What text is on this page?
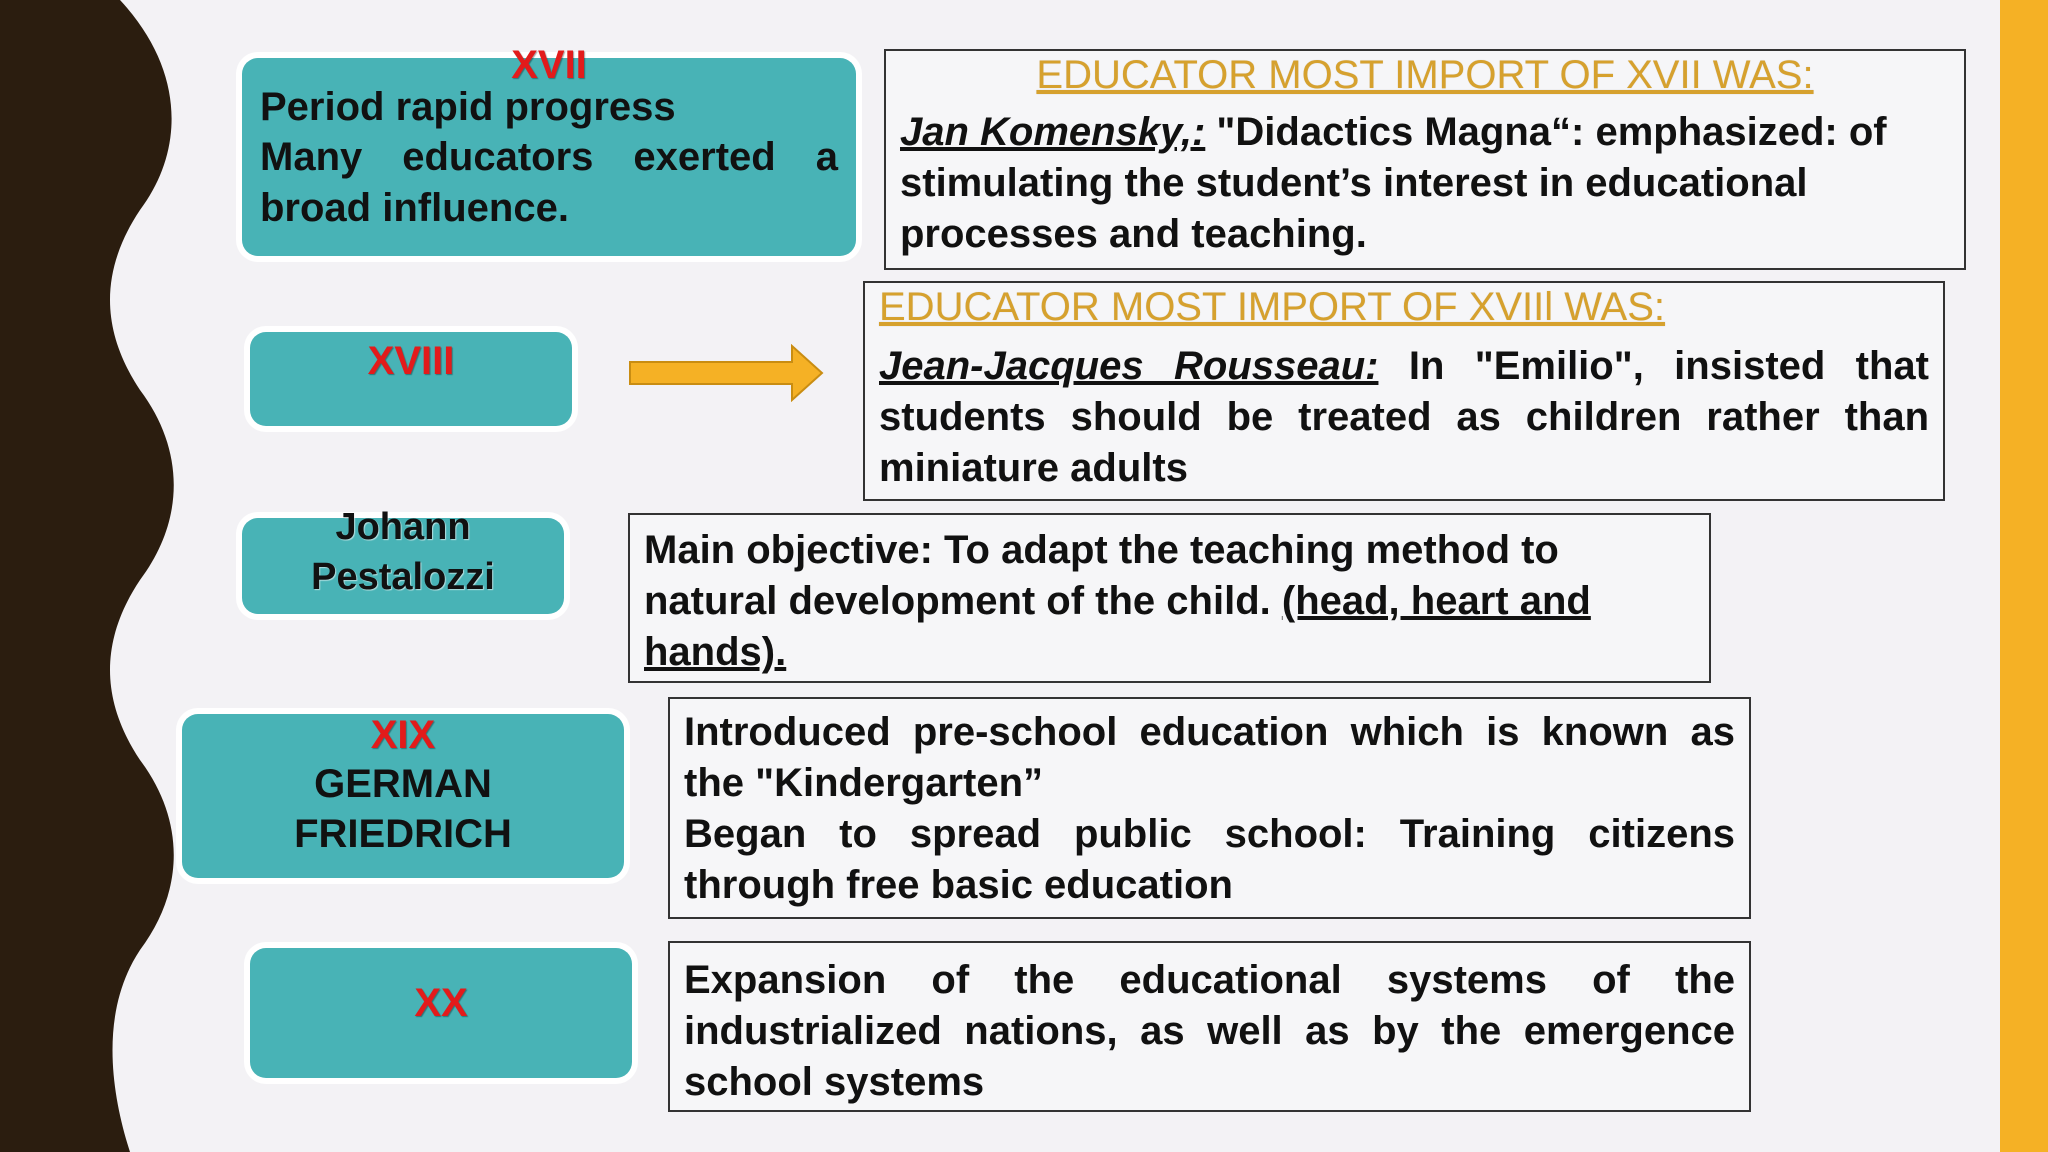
XVII
Period rapid progress
Many educators exerted a broad influence.
EDUCATOR MOST IMPORT OF XVII WAS:
Jan Komensky,: "Didactics Magna“: emphasized: of stimulating the student’s interest in educational processes and teaching.
XVIII
EDUCATOR MOST IMPORT OF XVIIl WAS:
Jean-Jacques Rousseau: In "Emilio", insisted that students should be treated as children rather than miniature adults
Johann
Pestalozzi
Main objective: To adapt the teaching method to natural development of the child. (head, heart and hands).
XIX
GERMAN
FRIEDRICH
Introduced pre-school education which is known as the "Kindergarten”
Began to spread public school: Training citizens through free basic education
XX
Expansion of the educational systems of the industrialized nations, as well as by the emergence school systems
